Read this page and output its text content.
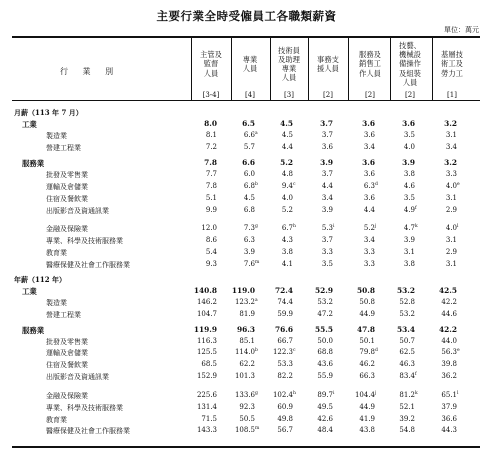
主要行業全時受僱員工各職類薪資
單位：萬元
行 業 別
主管及
監督
人員
[3-4]
專業
人員
[4]
技術員
及助理
專業
人員
[3]
事務支
援人員
[2]
服務及
銷售工
作人員
[2]
技藝、
機械設
備操作
及組裝
人員
[2]
基層技
術工及
勞力工
[1]
月薪（113 年 7 月）
工業	8.0	6.5	4.5	3.7	3.6	3.6	3.2
製造業	8.1	6.6$^a$	4.5	3.7	3.6	3.5	3.1
營建工程業	7.2	5.7	4.4	3.6	3.4	4.0	3.4
服務業	7.8	6.6	5.2	3.9	3.6	3.9	3.2
批發及零售業	7.7	6.0	4.8	3.7	3.6	3.8	3.3
運輸及倉儲業	7.8	6.8$^b$	9.4$^c$	4.4	6.3$^d$	4.6	4.0e
住宿及餐飲業	5.1	4.5	4.0	3.4	3.6	3.5	3.1
出版影音及資通訊業	9.9	6.8	5.2	3.9	4.4	4.9$^f$	2.9
金融及保險業	12.0	7.3$^g$	6.7$^h$	5.3$^i$	5.2$^j$	4.7$^k$	4.0$^l$
專業、科學及技術服務業	8.6	6.3	4.3	3.7	3.4	3.9	3.1
教育業	5.4	3.9	3.8	3.3	3.3	3.1	2.9
醫療保健及社會工作服務業	9.3	7.6$^m$	4.1	3.5	3.3	3.8	3.1
年薪（112 年）
工業	140.8	119.0	72.4	52.9	50.8	53.2	42.5
製造業	146.2	123.2$^a$	74.4	53.2	50.8	52.8	42.2
營建工程業	104.7	81.9	59.9	47.2	44.9	53.2	44.6
服務業	119.9	96.3	76.6	55.5	47.8	53.4	42.2
批發及零售業	116.3	85.1	66.7	50.0	50.1	50.7	44.0
運輸及倉儲業	125.5	114.0$^b$	122.3$^c$	68.8	79.8$^d$	62.5	56.3e
住宿及餐飲業	68.5	62.2	53.3	43.6	46.2	46.3	39.8
出版影音及資通訊業	152.9	101.3	82.2	55.9	66.3	83.4$^f$	36.2
金融及保險業	225.6	133.6$^g$	102.4$^h$	89.7$^i$	104.4$^j$	81.2$^k$	65.1$^l$
專業、科學及技術服務業	131.4	92.3	60.9	49.5	44.9	52.1	37.9
教育業	71.5	50.5	49.8	42.6	41.9	39.2	36.6
醫療保健及社會工作服務業	143.3	108.5$^m$	56.7	48.4	43.8	54.8	44.3
